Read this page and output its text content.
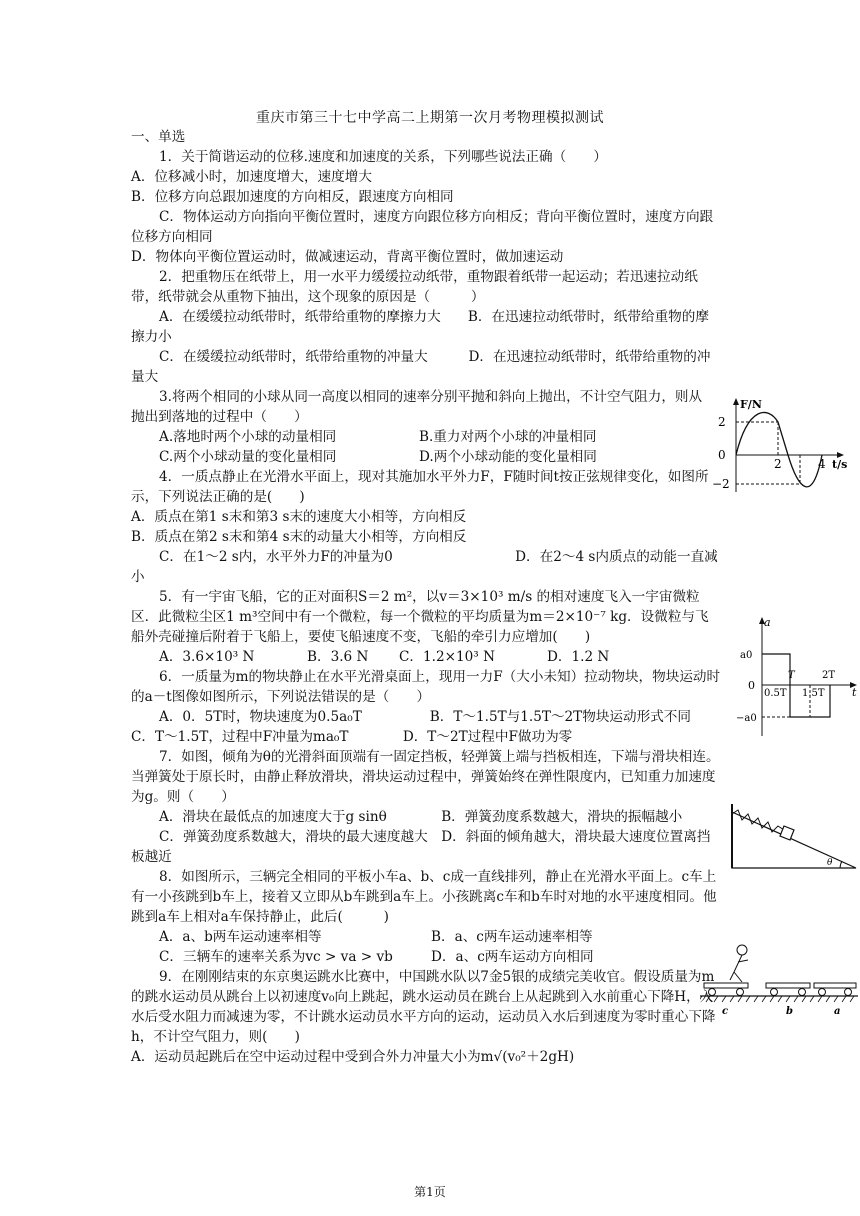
重庆市第三十七中学高二上期第一次月考物理模拟测试

一、单选

1．关于简谐运动的位移.速度和加速度的关系，下列哪些说法正确（　　）

A．位移减小时，加速度增大，速度增大

B．位移方向总跟加速度的方向相反，跟速度方向相同

C．物体运动方向指向平衡位置时，速度方向跟位移方向相反；背向平衡位置时，速度方向跟位移方向相同

D．物体向平衡位置运动时，做减速运动，背离平衡位置时，做加速运动

2．把重物压在纸带上，用一水平力缓缓拉动纸带，重物跟着纸带一起运动；若迅速拉动纸带，纸带就会从重物下抽出，这个现象的原因是（　　　）

A．在缓缓拉动纸带时，纸带给重物的摩擦力大　　B．在迅速拉动纸带时，纸带给重物的摩擦力小

C．在缓缓拉动纸带时，纸带给重物的冲量大　　　D．在迅速拉动纸带时，纸带给重物的冲量大

3.将两个相同的小球从同一高度以相同的速率分别平抛和斜向上抛出，不计空气阻力，则从抛出到落地的过程中（　　）

A.落地时两个小球的动量相同	B.重力对两个小球的冲量相同
C.两个小球动量的变化量相同	D.两个小球动能的变化量相同

4．一质点静止在光滑水平面上，现对其施加水平外力F，F随时间t按正弦规律变化，如图所示，下列说法正确的是(　　)

A．质点在第1 s末和第3 s末的速度大小相等，方向相反

B．质点在第2 s末和第4 s末的动量大小相等，方向相反

C．在1～2 s内，水平外力F的冲量为0　　　　　　　　　D．在2～4 s内质点的动能一直减小

5．有一宇宙飞船，它的正对面积S＝2 m²，以v＝3×10³ m/s 的相对速度飞入一宇宙微粒区．此微粒尘区1 m³空间中有一个微粒，每一个微粒的平均质量为m＝2×10⁻⁷ kg．设微粒与飞船外壳碰撞后附着于飞船上，要使飞船速度不变，飞船的牵引力应增加(　　)

A．3.6×10³ N	B．3.6 N	C．1.2×10³ N	D．1.2 N

6．一质量为m的物块静止在水平光滑桌面上，现用一力F（大小未知）拉动物块，物块运动时的a－t图像如图所示，下列说法错误的是（　　）

A．0．5T时，物块速度为0.5a₀T　　　　　B．T～1.5T与1.5T～2T物块运动形式不同

C．T～1.5T，过程中F冲量为ma₀T　　　　D．T～2T过程中F做功为零

7．如图，倾角为θ的光滑斜面顶端有一固定挡板，轻弹簧上端与挡板相连，下端与滑块相连。当弹簧处于原长时，由静止释放滑块，滑块运动过程中，弹簧始终在弹性限度内，已知重力加速度为g。则（　　）

A．滑块在最低点的加速度大于g sinθ　　　　B．弹簧劲度系数越大，滑块的振幅越小

C．弹簧劲度系数越大，滑块的最大速度越大　D．斜面的倾角越大，滑块最大速度位置离挡板越近

8．如图所示，三辆完全相同的平板小车a、b、c成一直线排列，静止在光滑水平面上。c车上有一小孩跳到b车上，接着又立即从b车跳到a车上。小孩跳离c车和b车时对地的水平速度相同。他跳到a车上相对a车保持静止，此后(　　　)

A．a、b两车运动速率相等	B．a、c两车运动速率相等
C．三辆车的速率关系为vc > va > vb	D．a、c两车运动方向相同

9．在刚刚结束的东京奥运跳水比赛中，中国跳水队以7金5银的成绩完美收官。假设质量为m的跳水运动员从跳台上以初速度v₀向上跳起，跳水运动员在跳台上从起跳到入水前重心下降H，入水后受水阻力而减速为零，不计跳水运动员水平方向的运动，运动员入水后到速度为零时重心下降h，不计空气阻力，则(　　)

A．运动员起跳后在空中运动过程中受到合外力冲量大小为m√(v₀²＋2gH)

F/N
t/s
2
0
−2
2	4
a
t
a0
0
−a0
0.5T
T
1.5T
2T
θ
c	b	a
第1页
